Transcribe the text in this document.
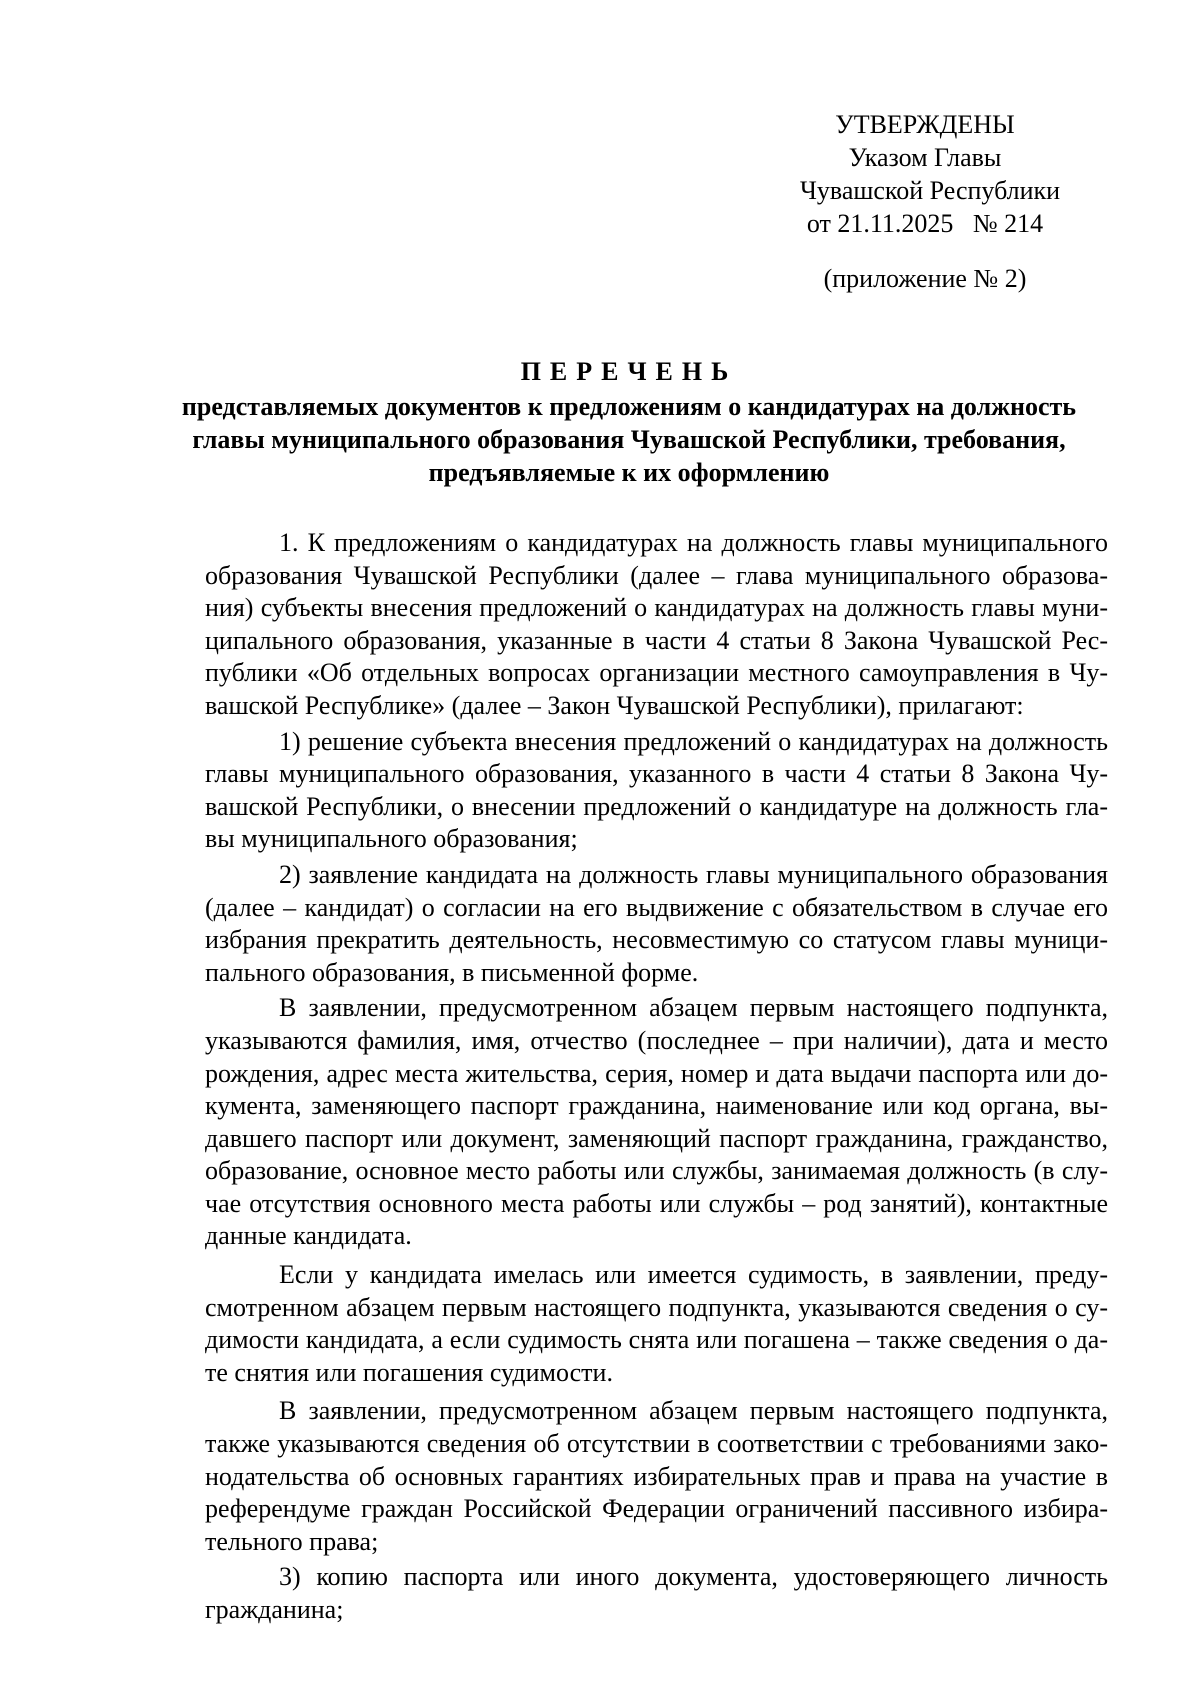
УТВЕРЖДЕНЫ
Указом Главы
Чувашской Республики
от 21.11.2025   № 214
(приложение № 2)
ПЕРЕЧЕНЬ
представляемых документов к предложениям о кандидатурах на должность
главы муниципального образования Чувашской Республики, требования,
предъявляемые к их оформлению
1. К предложениям о кандидатурах на должность главы муниципального
образования Чувашской Республики (далее – глава муниципального образова-
ния) субъекты внесения предложений о кандидатурах на должность главы муни-
ципального образования, указанные в части 4 статьи 8 Закона Чувашской Рес-
публики «Об отдельных вопросах организации местного самоуправления в Чу-
вашской Республике» (далее – Закон Чувашской Республики), прилагают:
1) решение субъекта внесения предложений о кандидатурах на должность
главы муниципального образования, указанного в части 4 статьи 8 Закона Чу-
вашской Республики, о внесении предложений о кандидатуре на должность гла-
вы муниципального образования;
2) заявление кандидата на должность главы муниципального образования
(далее – кандидат) о согласии на его выдвижение с обязательством в случае его
избрания прекратить деятельность, несовместимую со статусом главы муници-
пального образования, в письменной форме.
В заявлении, предусмотренном абзацем первым настоящего подпункта,
указываются фамилия, имя, отчество (последнее – при наличии), дата и место
рождения, адрес места жительства, серия, номер и дата выдачи паспорта или до-
кумента, заменяющего паспорт гражданина, наименование или код органа, вы-
давшего паспорт или документ, заменяющий паспорт гражданина, гражданство,
образование, основное место работы или службы, занимаемая должность (в слу-
чае отсутствия основного места работы или службы – род занятий), контактные
данные кандидата.
Если у кандидата имелась или имеется судимость, в заявлении, преду-
смотренном абзацем первым настоящего подпункта, указываются сведения о су-
димости кандидата, а если судимость снята или погашена – также сведения о да-
те снятия или погашения судимости.
В заявлении, предусмотренном абзацем первым настоящего подпункта,
также указываются сведения об отсутствии в соответствии с требованиями зако-
нодательства об основных гарантиях избирательных прав и права на участие в
референдуме граждан Российской Федерации ограничений пассивного избира-
тельного права;
3) копию паспорта или иного документа, удостоверяющего личность
гражданина;
